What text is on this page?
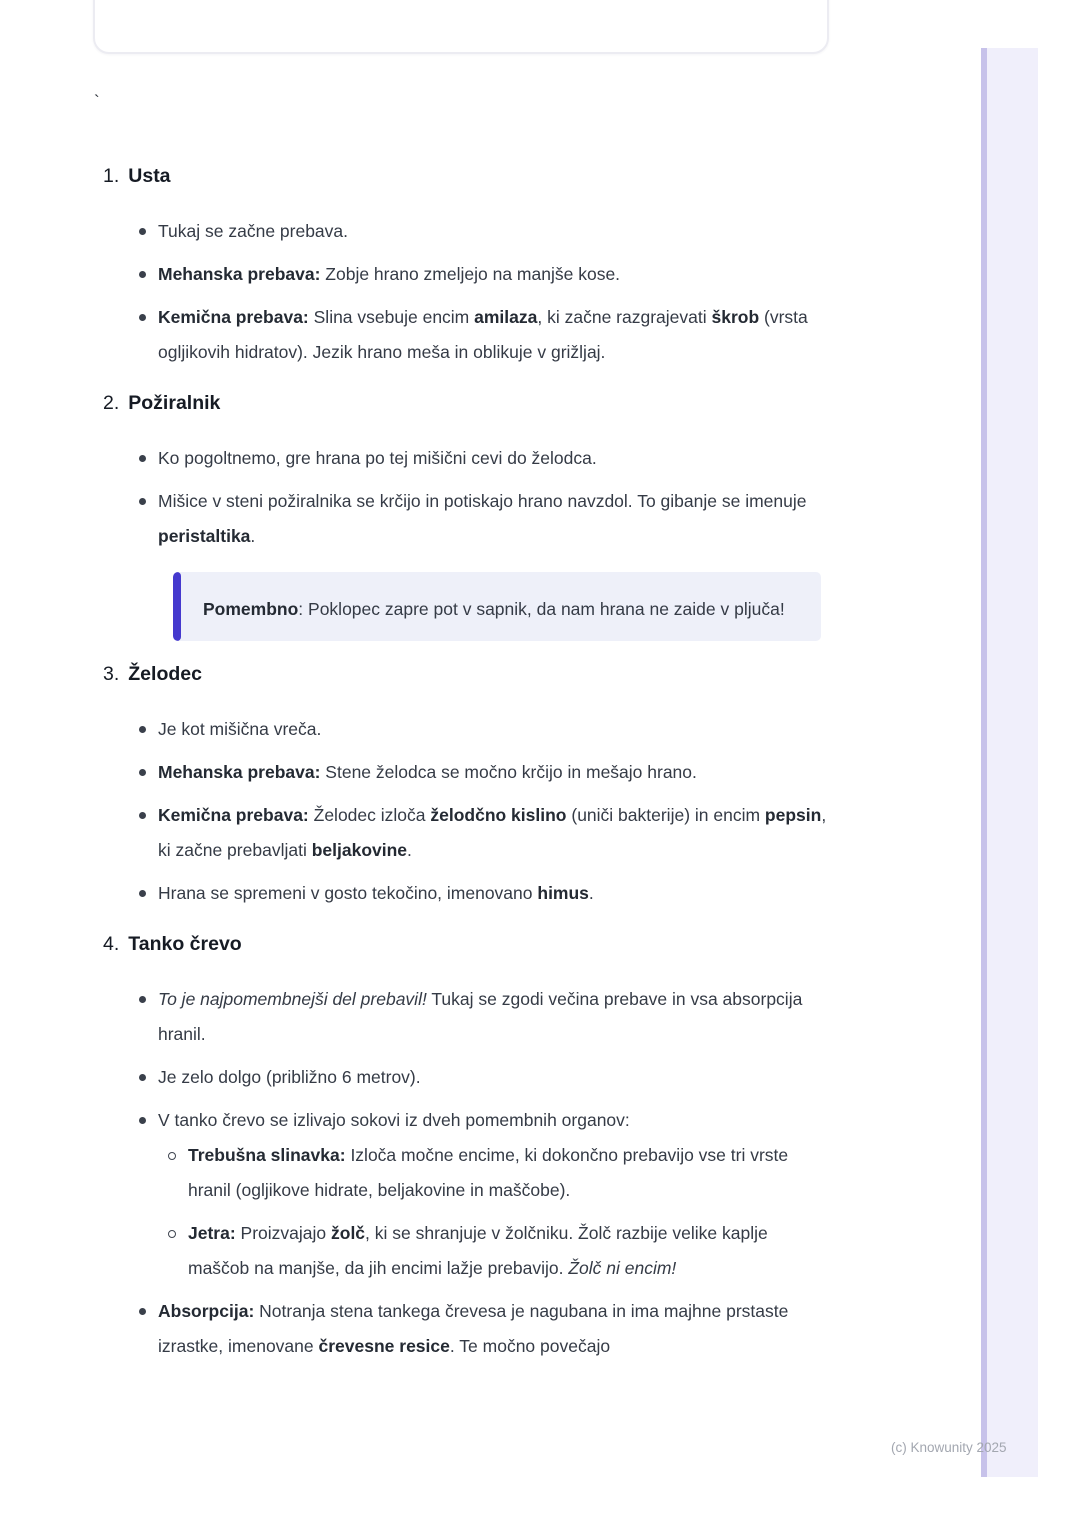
`
1. Usta
Tukaj se začne prebava.
Mehanska prebava: Zobje hrano zmeljejo na manjše kose.
Kemična prebava: Slina vsebuje encim amilaza, ki začne razgrajevati škrob (vrsta ogljikovih hidratov). Jezik hrano meša in oblikuje v grižljaj.
2. Požiralnik
Ko pogoltnemo, gre hrana po tej mišični cevi do želodca.
Mišice v steni požiralnika se krčijo in potiskajo hrano navzdol. To gibanje se imenuje peristaltika.

Pomembno: Poklopec zapre pot v sapnik, da nam hrana ne zaide v pljuča!

3. Želodec
Je kot mišična vreča.
Mehanska prebava: Stene želodca se močno krčijo in mešajo hrano.
Kemična prebava: Želodec izloča želodčno kislino (uniči bakterije) in encim pepsin, ki začne prebavljati beljakovine.
Hrana se spremeni v gosto tekočino, imenovano himus.
4. Tanko črevo
To je najpomembnejši del prebavil! Tukaj se zgodi večina prebave in vsa absorpcija hranil.
Je zelo dolgo (približno 6 metrov).
V tanko črevo se izlivajo sokovi iz dveh pomembnih organov:
Trebušna slinavka: Izloča močne encime, ki dokončno prebavijo vse tri vrste hranil (ogljikove hidrate, beljakovine in maščobe).
Jetra: Proizvajajo žolč, ki se shranjuje v žolčniku. Žolč razbije velike kaplje maščob na manjše, da jih encimi lažje prebavijo. Žolč ni encim!
Absorpcija: Notranja stena tankega črevesa je nagubana in ima majhne prstaste izrastke, imenovane črevesne resice. Te močno povečajo
(c) Knowunity 2025
